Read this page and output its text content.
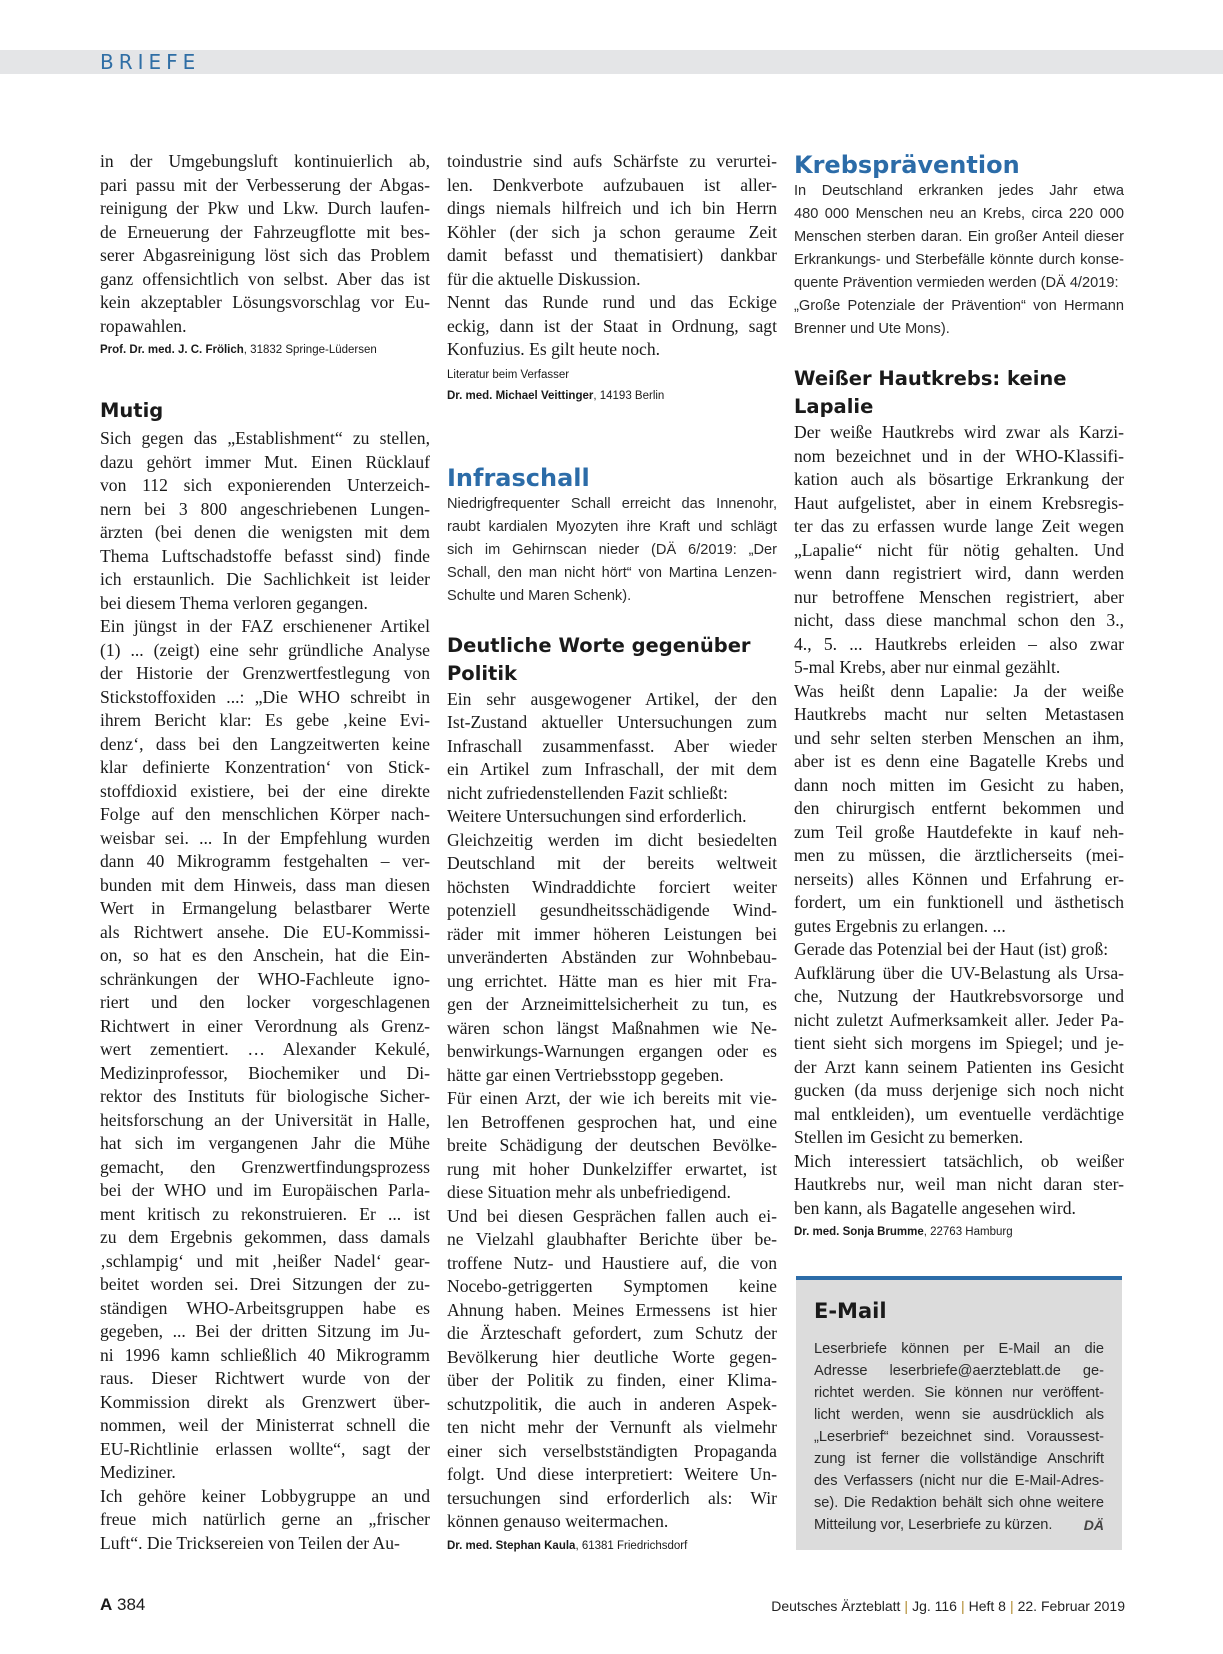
BRIEFE
in der Umgebungsluft kontinuierlich ab,
pari passu mit der Verbesserung der Abgas-
reinigung der Pkw und Lkw. Durch laufen-
de Erneuerung der Fahrzeugflotte mit bes-
serer Abgasreinigung löst sich das Problem
ganz offensichtlich von selbst. Aber das ist
kein akzeptabler Lösungsvorschlag vor Eu-
ropawahlen.

Prof. Dr. med. J. C. Frölich, 31832 Springe-Lüdersen

Mutig
Sich gegen das „Establishment“ zu stellen,
dazu gehört immer Mut. Einen Rücklauf
von 112 sich exponierenden Unterzeich-
nern bei 3 800 angeschriebenen Lungen-
ärzten (bei denen die wenigsten mit dem
Thema Luftschadstoffe befasst sind) finde
ich erstaunlich. Die Sachlichkeit ist leider
bei diesem Thema verloren gegangen.
Ein jüngst in der FAZ erschienener Artikel
(1) ... (zeigt) eine sehr gründliche Analyse
der Historie der Grenzwertfestlegung von
Stickstoffoxiden ...: „Die WHO schreibt in
ihrem Bericht klar: Es gebe ‚keine Evi-
denz‘, dass bei den Langzeitwerten keine
klar definierte Konzentration‘ von Stick-
stoffdioxid existiere, bei der eine direkte
Folge auf den menschlichen Körper nach-
weisbar sei. ... In der Empfehlung wurden
dann 40 Mikrogramm festgehalten – ver-
bunden mit dem Hinweis, dass man diesen
Wert in Ermangelung belastbarer Werte
als Richtwert ansehe. Die EU-Kommissi-
on, so hat es den Anschein, hat die Ein-
schränkungen der WHO-Fachleute igno-
riert und den locker vorgeschlagenen
Richtwert in einer Verordnung als Grenz-
wert zementiert. … Alexander Kekulé,
Medizinprofessor, Biochemiker und Di-
rektor des Instituts für biologische Sicher-
heitsforschung an der Universität in Halle,
hat sich im vergangenen Jahr die Mühe
gemacht, den Grenzwertfindungsprozess
bei der WHO und im Europäischen Parla-
ment kritisch zu rekonstruieren. Er ... ist
zu dem Ergebnis gekommen, dass damals
‚schlampig‘ und mit ‚heißer Nadel‘ gear-
beitet worden sei. Drei Sitzungen der zu-
ständigen WHO-Arbeitsgruppen habe es
gegeben, ... Bei der dritten Sitzung im Ju-
ni 1996 kamn schließlich 40 Mikrogramm
raus. Dieser Richtwert wurde von der
Kommission direkt als Grenzwert über-
nommen, weil der Ministerrat schnell die
EU-Richtlinie erlassen wollte“, sagt der
Mediziner.
Ich gehöre keiner Lobbygruppe an und
freue mich natürlich gerne an „frischer
Luft“. Die Tricksereien von Teilen der Au-
toindustrie sind aufs Schärfste zu verurtei-
len. Denkverbote aufzubauen ist aller-
dings niemals hilfreich und ich bin Herrn
Köhler (der sich ja schon geraume Zeit
damit befasst und thematisiert) dankbar
für die aktuelle Diskussion.
Nennt das Runde rund und das Eckige
eckig, dann ist der Staat in Ordnung, sagt
Konfuzius. Es gilt heute noch.

Literatur beim Verfasser

Dr. med. Michael Veittinger, 14193 Berlin

Infraschall
Niedrigfrequenter Schall erreicht das Innenohr,
raubt kardialen Myozyten ihre Kraft und schlägt
sich im Gehirnscan nieder (DÄ 6/2019: „Der
Schall, den man nicht hört“ von Martina Lenzen-
Schulte und Maren Schenk).
Deutliche Worte gegenüber Politik
Ein sehr ausgewogener Artikel, der den
Ist-Zustand aktueller Untersuchungen zum
Infraschall zusammenfasst. Aber wieder
ein Artikel zum Infraschall, der mit dem
nicht zufriedenstellenden Fazit schließt:
Weitere Untersuchungen sind erforderlich.
Gleichzeitig werden im dicht besiedelten
Deutschland mit der bereits weltweit
höchsten Windraddichte forciert weiter
potenziell gesundheitsschädigende Wind-
räder mit immer höheren Leistungen bei
unveränderten Abständen zur Wohnbebau-
ung errichtet. Hätte man es hier mit Fra-
gen der Arzneimittelsicherheit zu tun, es
wären schon längst Maßnahmen wie Ne-
benwirkungs-Warnungen ergangen oder es
hätte gar einen Vertriebsstopp gegeben.
Für einen Arzt, der wie ich bereits mit vie-
len Betroffenen gesprochen hat, und eine
breite Schädigung der deutschen Bevölke-
rung mit hoher Dunkelziffer erwartet, ist
diese Situation mehr als unbefriedigend.
Und bei diesen Gesprächen fallen auch ei-
ne Vielzahl glaubhafter Berichte über be-
troffene Nutz- und Haustiere auf, die von
Nocebo-getriggerten Symptomen keine
Ahnung haben. Meines Ermessens ist hier
die Ärzteschaft gefordert, zum Schutz der
Bevölkerung hier deutliche Worte gegen-
über der Politik zu finden, einer Klima-
schutzpolitik, die auch in anderen Aspek-
ten nicht mehr der Vernunft als vielmehr
einer sich verselbstständigten Propaganda
folgt. Und diese interpretiert: Weitere Un-
tersuchungen sind erforderlich als: Wir
können genauso weitermachen.

Dr. med. Stephan Kaula, 61381 Friedrichsdorf

Krebsprävention
In Deutschland erkranken jedes Jahr etwa
480 000 Menschen neu an Krebs, circa 220 000
Menschen sterben daran. Ein großer Anteil dieser
Erkrankungs- und Sterbefälle könnte durch konse-
quente Prävention vermieden werden (DÄ 4/2019:
„Große Potenziale der Prävention“ von Hermann
Brenner und Ute Mons).
Weißer Hautkrebs: keine Lapalie
Der weiße Hautkrebs wird zwar als Karzi-
nom bezeichnet und in der WHO-Klassifi-
kation auch als bösartige Erkrankung der
Haut aufgelistet, aber in einem Krebsregis-
ter das zu erfassen wurde lange Zeit wegen
„Lapalie“ nicht für nötig gehalten. Und
wenn dann registriert wird, dann werden
nur betroffene Menschen registriert, aber
nicht, dass diese manchmal schon den 3.,
4., 5. ... Hautkrebs erleiden – also zwar
5-mal Krebs, aber nur einmal gezählt.
Was heißt denn Lapalie: Ja der weiße
Hautkrebs macht nur selten Metastasen
und sehr selten sterben Menschen an ihm,
aber ist es denn eine Bagatelle Krebs und
dann noch mitten im Gesicht zu haben,
den chirurgisch entfernt bekommen und
zum Teil große Hautdefekte in kauf neh-
men zu müssen, die ärztlicherseits (mei-
nerseits) alles Können und Erfahrung er-
fordert, um ein funktionell und ästhetisch
gutes Ergebnis zu erlangen. ...
Gerade das Potenzial bei der Haut (ist) groß:
Aufklärung über die UV-Belastung als Ursa-
che, Nutzung der Hautkrebsvorsorge und
nicht zuletzt Aufmerksamkeit aller. Jeder Pa-
tient sieht sich morgens im Spiegel; und je-
der Arzt kann seinem Patienten ins Gesicht
gucken (da muss derjenige sich noch nicht
mal entkleiden), um eventuelle verdächtige
Stellen im Gesicht zu bemerken.
Mich interessiert tatsächlich, ob weißer
Hautkrebs nur, weil man nicht daran ster-
ben kann, als Bagatelle angesehen wird.

Dr. med. Sonja Brumme, 22763 Hamburg

E-Mail
Leserbriefe können per E-Mail an die
Adresse leserbriefe@aerzteblatt.de ge-
richtet werden. Sie können nur veröffent-
licht werden, wenn sie ausdrücklich als
„Leserbrief“ bezeichnet sind. Voraussest-
zung ist ferner die vollständige Anschrift
des Verfassers (nicht nur die E-Mail-Adres-
se). Die Redaktion behält sich ohne weitere
Mitteilung vor, Leserbriefe zu kürzen. DÄ
A 384	Deutsches Ärzteblatt | Jg. 116 | Heft 8 | 22. Februar 2019
